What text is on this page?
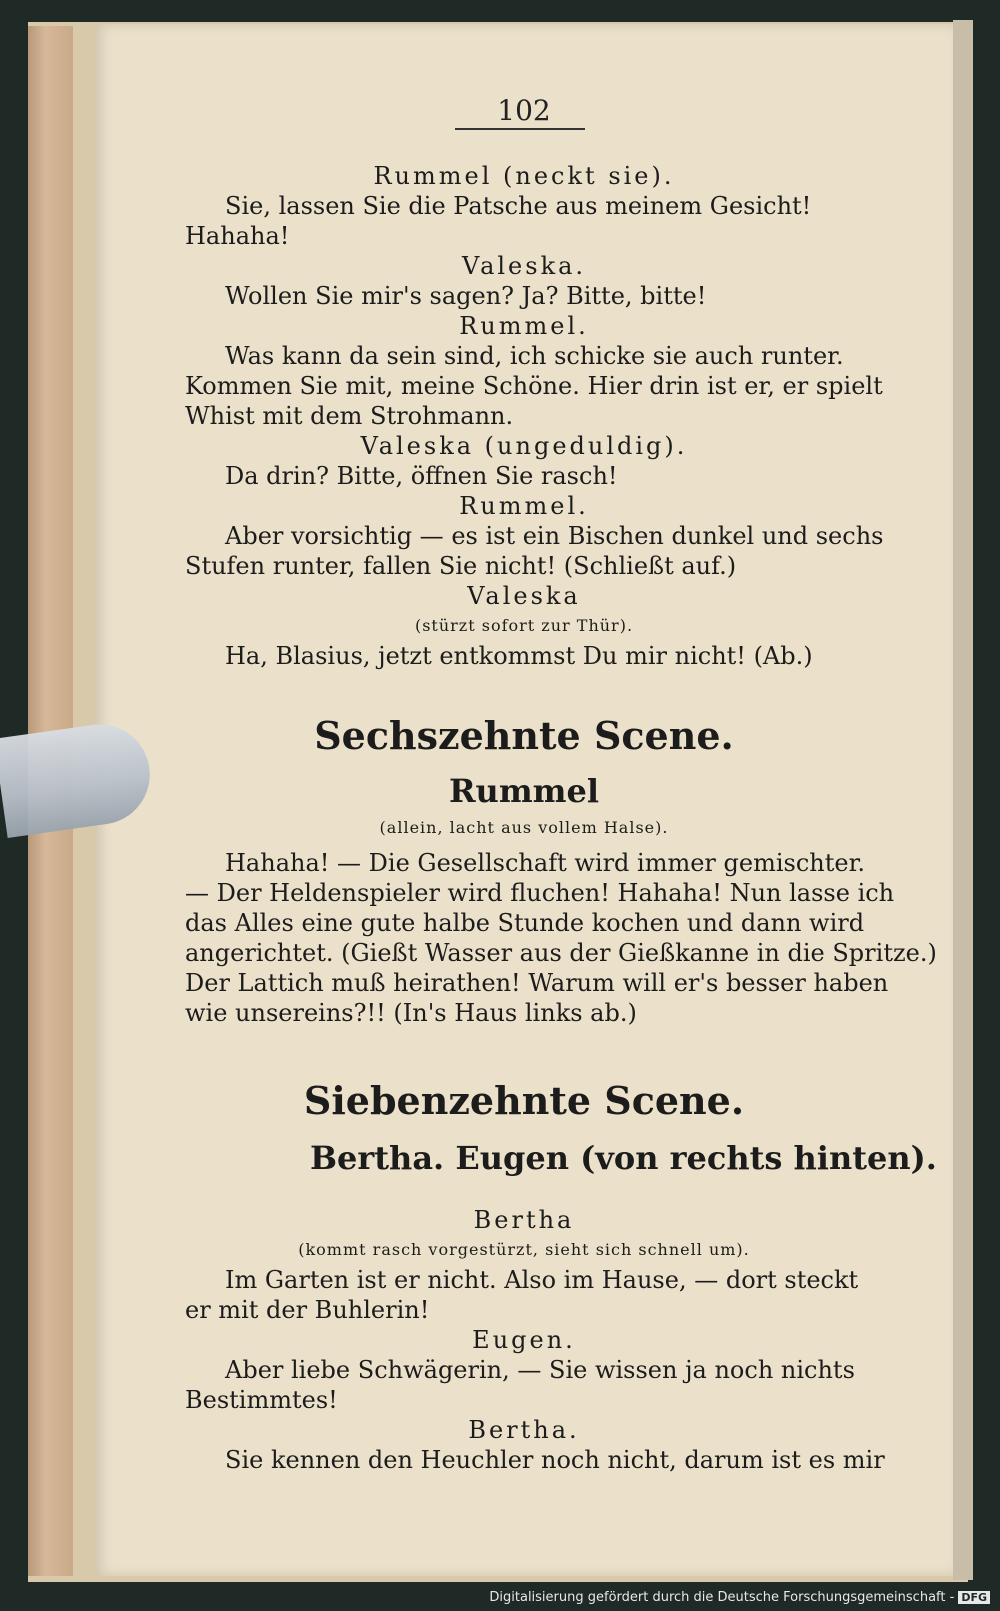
102
Rummel (neckt sie).
Sie, lassen Sie die Patsche aus meinem Gesicht!
Hahaha!
Valeska.
Wollen Sie mir's sagen? Ja? Bitte, bitte!
Rummel.
Was kann da sein sind, ich schicke sie auch runter.
Kommen Sie mit, meine Schöne. Hier drin ist er, er spielt
Whist mit dem Strohmann.
Valeska (ungeduldig).
Da drin? Bitte, öffnen Sie rasch!
Rummel.
Aber vorsichtig — es ist ein Bischen dunkel und sechs
Stufen runter, fallen Sie nicht! (Schließt auf.)
Valeska
(stürzt sofort zur Thür).
Ha, Blasius, jetzt entkommst Du mir nicht! (Ab.)
Sechszehnte Scene.
Rummel
(allein, lacht aus vollem Halse).
Hahaha! — Die Gesellschaft wird immer gemischter.
— Der Heldenspieler wird fluchen! Hahaha! Nun lasse ich
das Alles eine gute halbe Stunde kochen und dann wird
angerichtet. (Gießt Wasser aus der Gießkanne in die Spritze.)
Der Lattich muß heirathen! Warum will er's besser haben
wie unsereins?!! (In's Haus links ab.)
Siebenzehnte Scene.
Bertha. Eugen (von rechts hinten).
Bertha
(kommt rasch vorgestürzt, sieht sich schnell um).
Im Garten ist er nicht. Also im Hause, — dort steckt
er mit der Buhlerin!
Eugen.
Aber liebe Schwägerin, — Sie wissen ja noch nichts
Bestimmtes!
Bertha.
Sie kennen den Heuchler noch nicht, darum ist es mir
Digitalisierung gefördert durch die Deutsche Forschungsgemeinschaft - DFG
